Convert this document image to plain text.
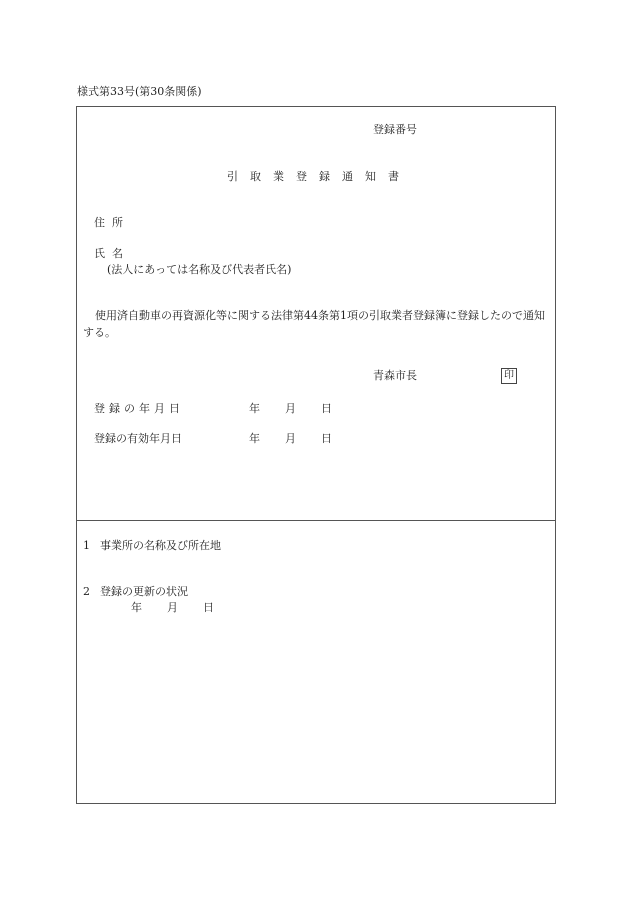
様式第33号(第30条関係)
登録番号
引取業登録通知書
住所
氏名
(法人にあっては名称及び代表者氏名)
使用済自動車の再資源化等に関する法律第44条第1項の引取業者登録簿に登録したので通知する。
青森市長	印
登録の年月日	年 月 日
登録の有効年月日	年 月 日
1 事業所の名称及び所在地
2 登録の更新の状況
年 月 日
